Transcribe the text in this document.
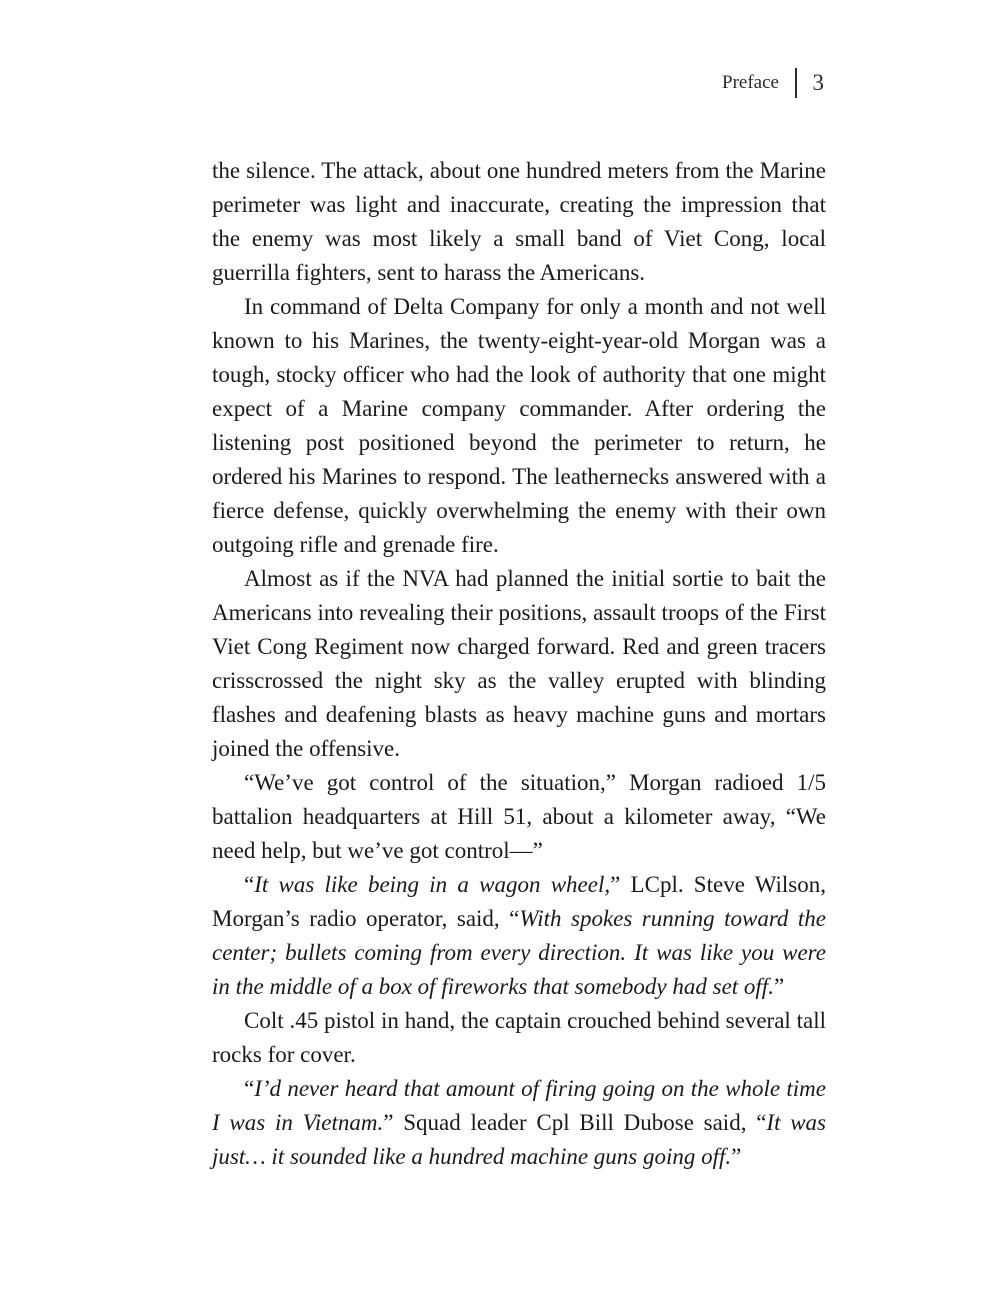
Preface 3

the silence. The attack, about one hundred meters from the Marine perimeter was light and inaccurate, creating the impression that the enemy was most likely a small band of Viet Cong, local guerrilla fighters, sent to harass the Americans.

In command of Delta Company for only a month and not well known to his Marines, the twenty-eight-year-old Morgan was a tough, stocky officer who had the look of authority that one might expect of a Marine company commander. After ordering the listening post positioned beyond the perimeter to return, he ordered his Marines to respond. The leathernecks answered with a fierce defense, quickly overwhelming the enemy with their own outgoing rifle and grenade fire.

Almost as if the NVA had planned the initial sortie to bait the Americans into revealing their positions, assault troops of the First Viet Cong Regiment now charged forward. Red and green tracers crisscrossed the night sky as the valley erupted with blinding flashes and deafening blasts as heavy machine guns and mortars joined the offensive.

“We’ve got control of the situation,” Morgan radioed 1/5 battalion headquarters at Hill 51, about a kilometer away, “We need help, but we’ve got control—”

“It was like being in a wagon wheel,” LCpl. Steve Wilson, Morgan’s radio operator, said, “With spokes running toward the center; bullets coming from every direction. It was like you were in the middle of a box of fireworks that somebody had set off.”

Colt .45 pistol in hand, the captain crouched behind several tall rocks for cover.

“I’d never heard that amount of firing going on the whole time I was in Vietnam.” Squad leader Cpl Bill Dubose said, “It was just… it sounded like a hundred machine guns going off.”
